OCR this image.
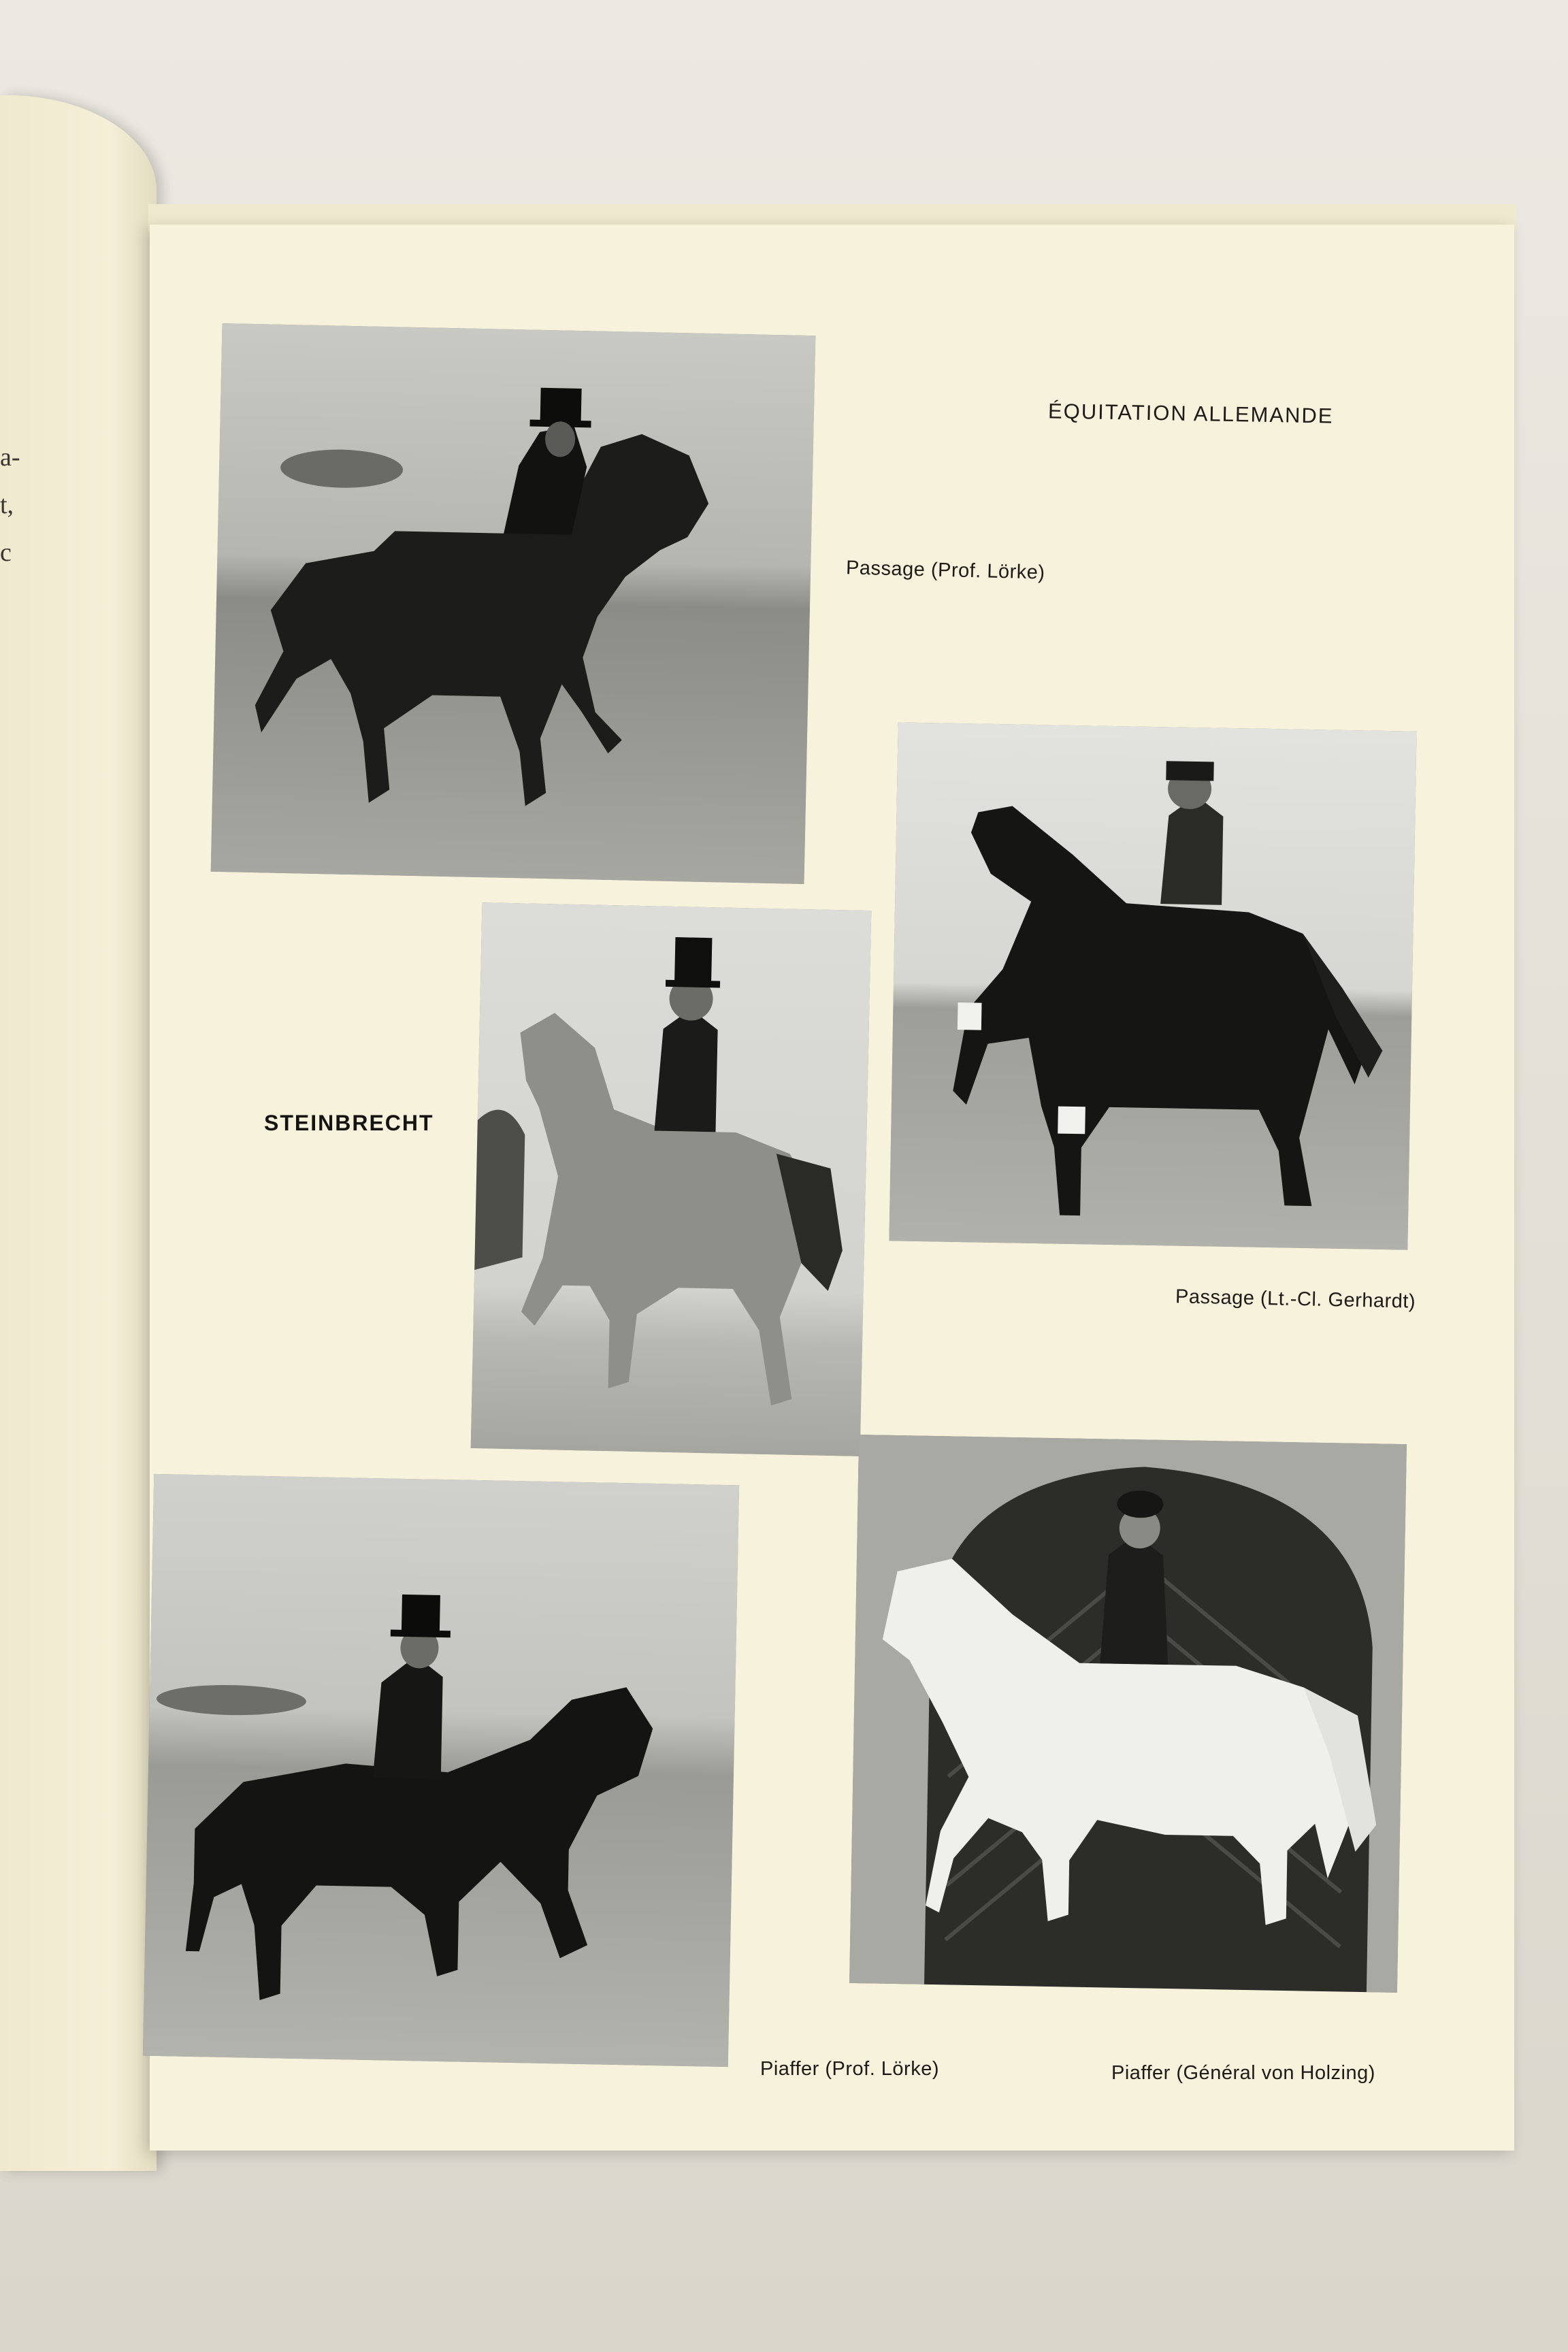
a-
t,
c
ÉQUITATION ALLEMANDE
STEINBRECHT
Passage (Prof. Lörke)
Passage (Lt.-Cl. Gerhardt)
Piaffer (Prof. Lörke)	Piaffer (Général von Holzing)
